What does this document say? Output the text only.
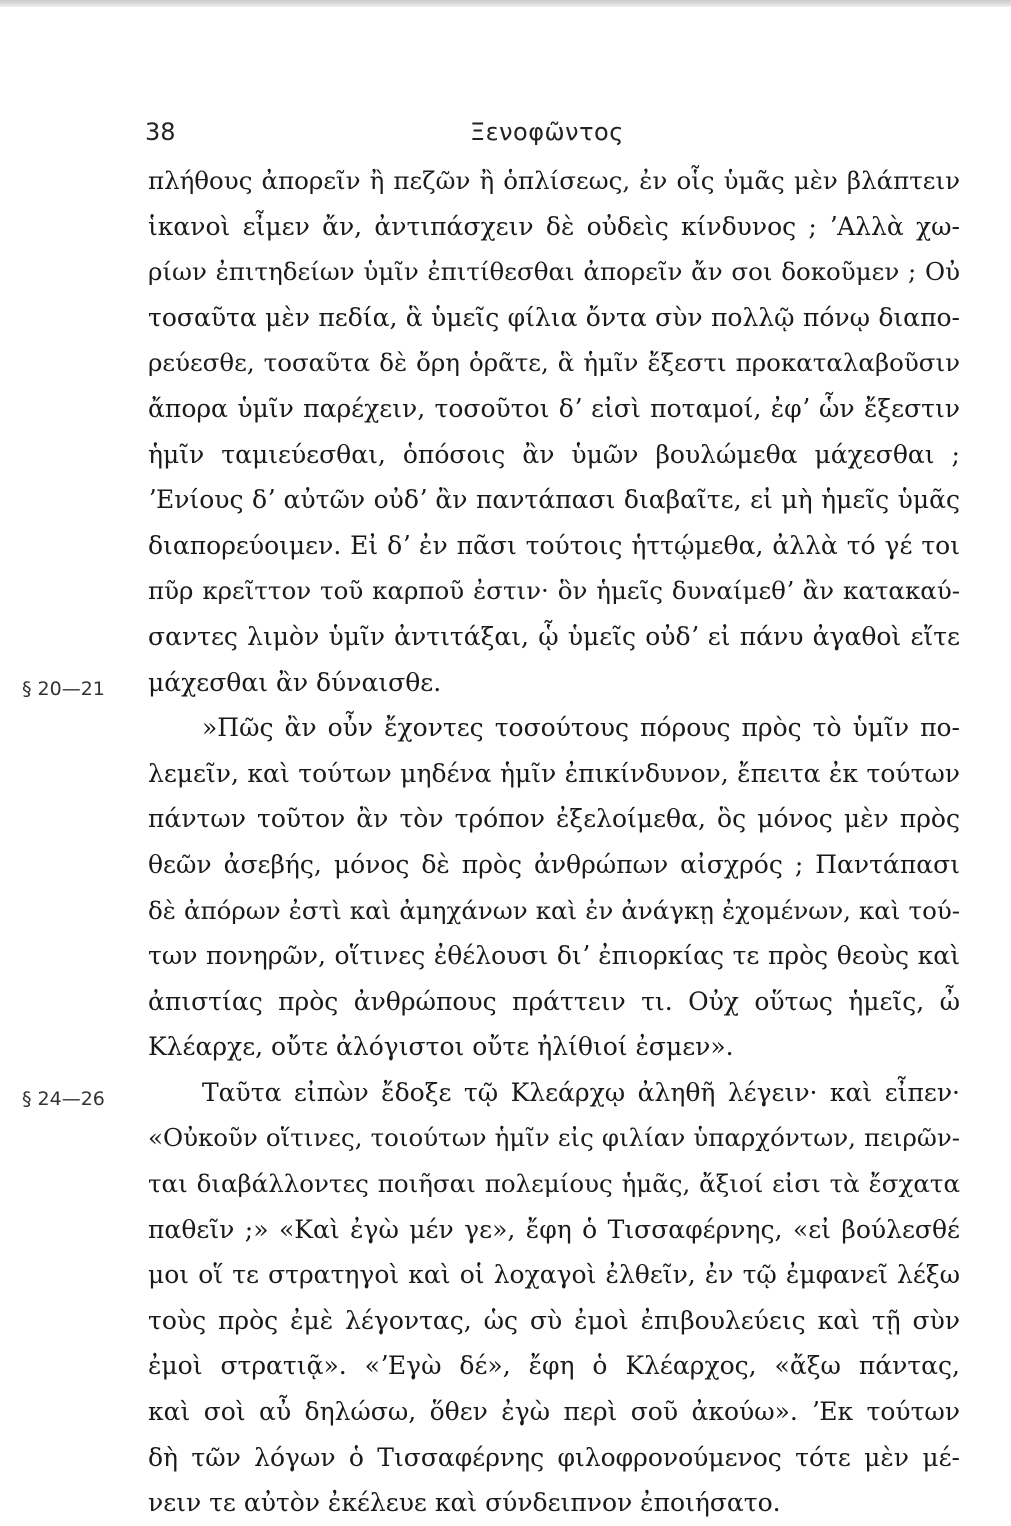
38	Ξενοφῶντος
§ 20—21
§ 24—26
πλήθους ἀπορεῖν ἢ πεζῶν ἢ ὁπλίσεως, ἐν οἷς ὑμᾶς μὲν βλάπτειν
ἱκανοὶ εἶμεν ἄν, ἀντιπάσχειν δὲ οὐδεὶς κίνδυνος ; ʼΑλλὰ χω-
ρίων ἐπιτηδείων ὑμῖν ἐπιτίθεσθαι ἀπορεῖν ἄν σοι δοκοῦμεν ; Οὐ
τοσαῦτα μὲν πεδία, ἃ ὑμεῖς φίλια ὄντα σὺν πολλῷ πόνῳ διαπο-
ρεύεσθε, τοσαῦτα δὲ ὄρη ὁρᾶτε, ἃ ἡμῖν ἔξεστι προκαταλαβοῦσιν
ἄπορα ὑμῖν παρέχειν, τοσοῦτοι δʼ εἰσὶ ποταμοί, ἐφʼ ὧν ἔξεστιν
ἡμῖν ταμιεύεσθαι, ὁπόσοις ἂν ὑμῶν βουλώμεθα μάχεσθαι ;
ʼΕνίους δʼ αὐτῶν οὐδʼ ἂν παντάπασι διαβαῖτε, εἰ μὴ ἡμεῖς ὑμᾶς
διαπορεύοιμεν. Εἰ δʼ ἐν πᾶσι τούτοις ἡττῴμεθα, ἀλλὰ τό γέ τοι
πῦρ κρεῖττον τοῦ καρποῦ ἐστιν· ὃν ἡμεῖς δυναίμεθʼ ἂν κατακαύ-
σαντες λιμὸν ὑμῖν ἀντιτάξαι, ᾧ ὑμεῖς οὐδʼ εἰ πάνυ ἀγαθοὶ εἴτε
μάχεσθαι ἂν δύναισθε.
»Πῶς ἂν οὖν ἔχοντες τοσούτους πόρους πρὸς τὸ ὑμῖν πο-
λεμεῖν, καὶ τούτων μηδένα ἡμῖν ἐπικίνδυνον, ἔπειτα ἐκ τούτων
πάντων τοῦτον ἂν τὸν τρόπον ἐξελοίμεθα, ὃς μόνος μὲν πρὸς
θεῶν ἀσεβής, μόνος δὲ πρὸς ἀνθρώπων αἰσχρός ; Παντάπασι
δὲ ἀπόρων ἐστὶ καὶ ἀμηχάνων καὶ ἐν ἀνάγκῃ ἐχομένων, καὶ τού-
των πονηρῶν, οἵτινες ἐθέλουσι διʼ ἐπιορκίας τε πρὸς θεοὺς καὶ
ἀπιστίας πρὸς ἀνθρώπους πράττειν τι. Οὐχ οὕτως ἡμεῖς, ὦ
Κλέαρχε, οὔτε ἀλόγιστοι οὔτε ἠλίθιοί ἐσμεν».
Ταῦτα εἰπὼν ἔδοξε τῷ Κλεάρχῳ ἀληθῆ λέγειν· καὶ εἶπεν·
«Οὐκοῦν οἵτινες, τοιούτων ἡμῖν εἰς φιλίαν ὑπαρχόντων, πειρῶν-
ται διαβάλλοντες ποιῆσαι πολεμίους ἡμᾶς, ἄξιοί εἰσι τὰ ἔσχατα
παθεῖν ;» «Καὶ ἐγὼ μέν γε», ἔφη ὁ Τισσαφέρνης, «εἰ βούλεσθέ
μοι οἵ τε στρατηγοὶ καὶ οἱ λοχαγοὶ ἐλθεῖν, ἐν τῷ ἐμφανεῖ λέξω
τοὺς πρὸς ἐμὲ λέγοντας, ὡς σὺ ἐμοὶ ἐπιβουλεύεις καὶ τῇ σὺν
ἐμοὶ στρατιᾷ». «ʼΕγὼ δέ», ἔφη ὁ Κλέαρχος, «ἄξω πάντας,
καὶ σοὶ αὖ δηλώσω, ὅθεν ἐγὼ περὶ σοῦ ἀκούω». ʼΕκ τούτων
δὴ τῶν λόγων ὁ Τισσαφέρνης φιλοφρονούμενος τότε μὲν μέ-
νειν τε αὐτὸν ἐκέλευε καὶ σύνδειπνον ἐποιήσατο.
